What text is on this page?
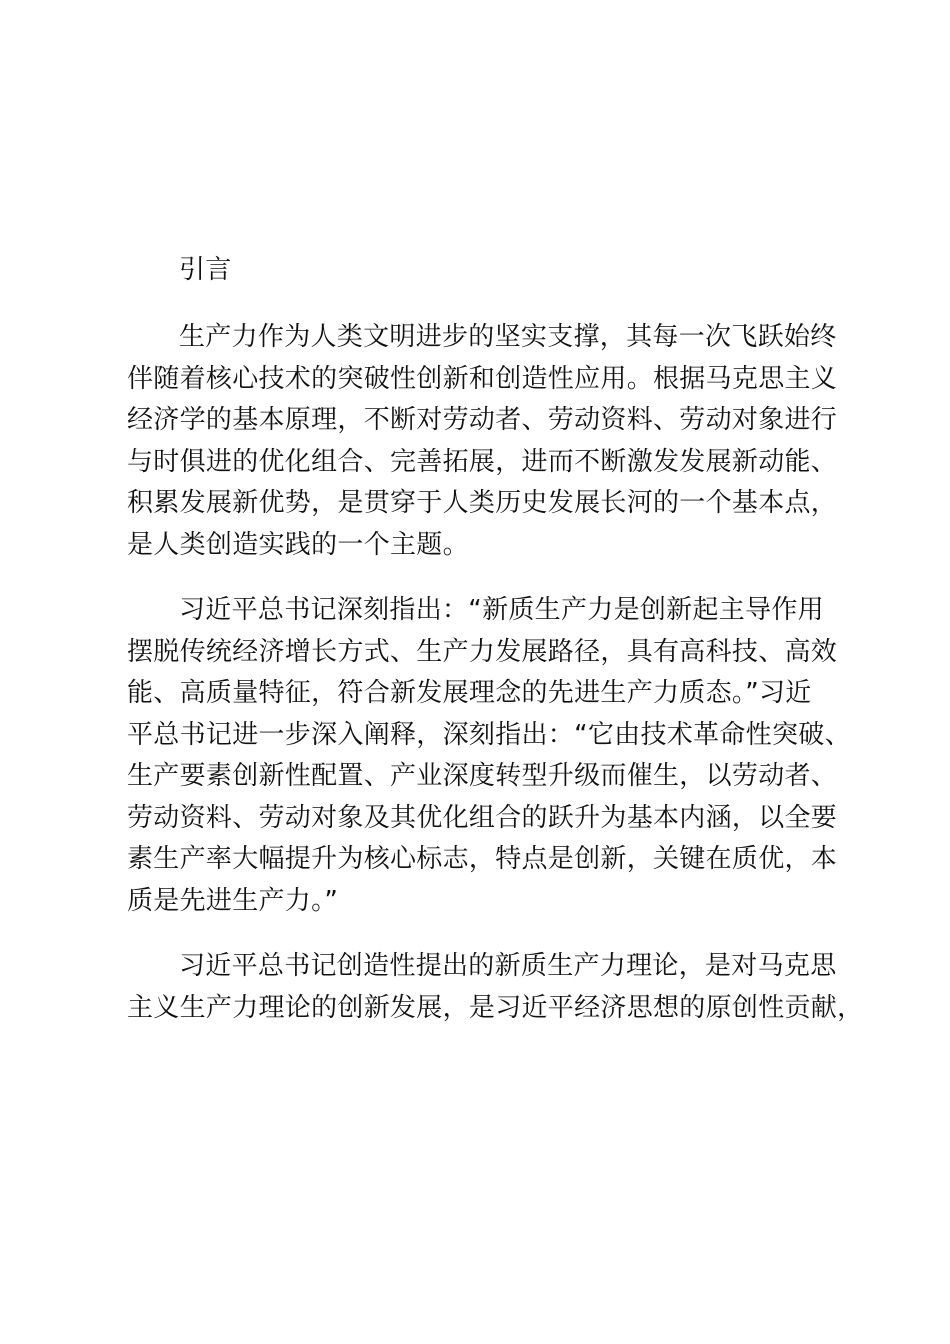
引言
生产力作为人类文明进步的坚实支撑，其每一次飞跃始终
伴随着核心技术的突破性创新和创造性应用。根据马克思主义
经济学的基本原理，不断对劳动者、劳动资料、劳动对象进行
与时俱进的优化组合、完善拓展，进而不断激发发展新动能、
积累发展新优势，是贯穿于人类历史发展长河的一个基本点，
是人类创造实践的一个主题。
习近平总书记深刻指出：“新质生产力是创新起主导作用
摆脱传统经济增长方式、生产力发展路径，具有高科技、高效
能、高质量特征，符合新发展理念的先进生产力质态。”习近
平总书记进一步深入阐释，深刻指出：“它由技术革命性突破、
生产要素创新性配置、产业深度转型升级而催生，以劳动者、
劳动资料、劳动对象及其优化组合的跃升为基本内涵，以全要
素生产率大幅提升为核心标志，特点是创新，关键在质优，本
质是先进生产力。”
习近平总书记创造性提出的新质生产力理论，是对马克思
主义生产力理论的创新发展，是习近平经济思想的原创性贡献，
